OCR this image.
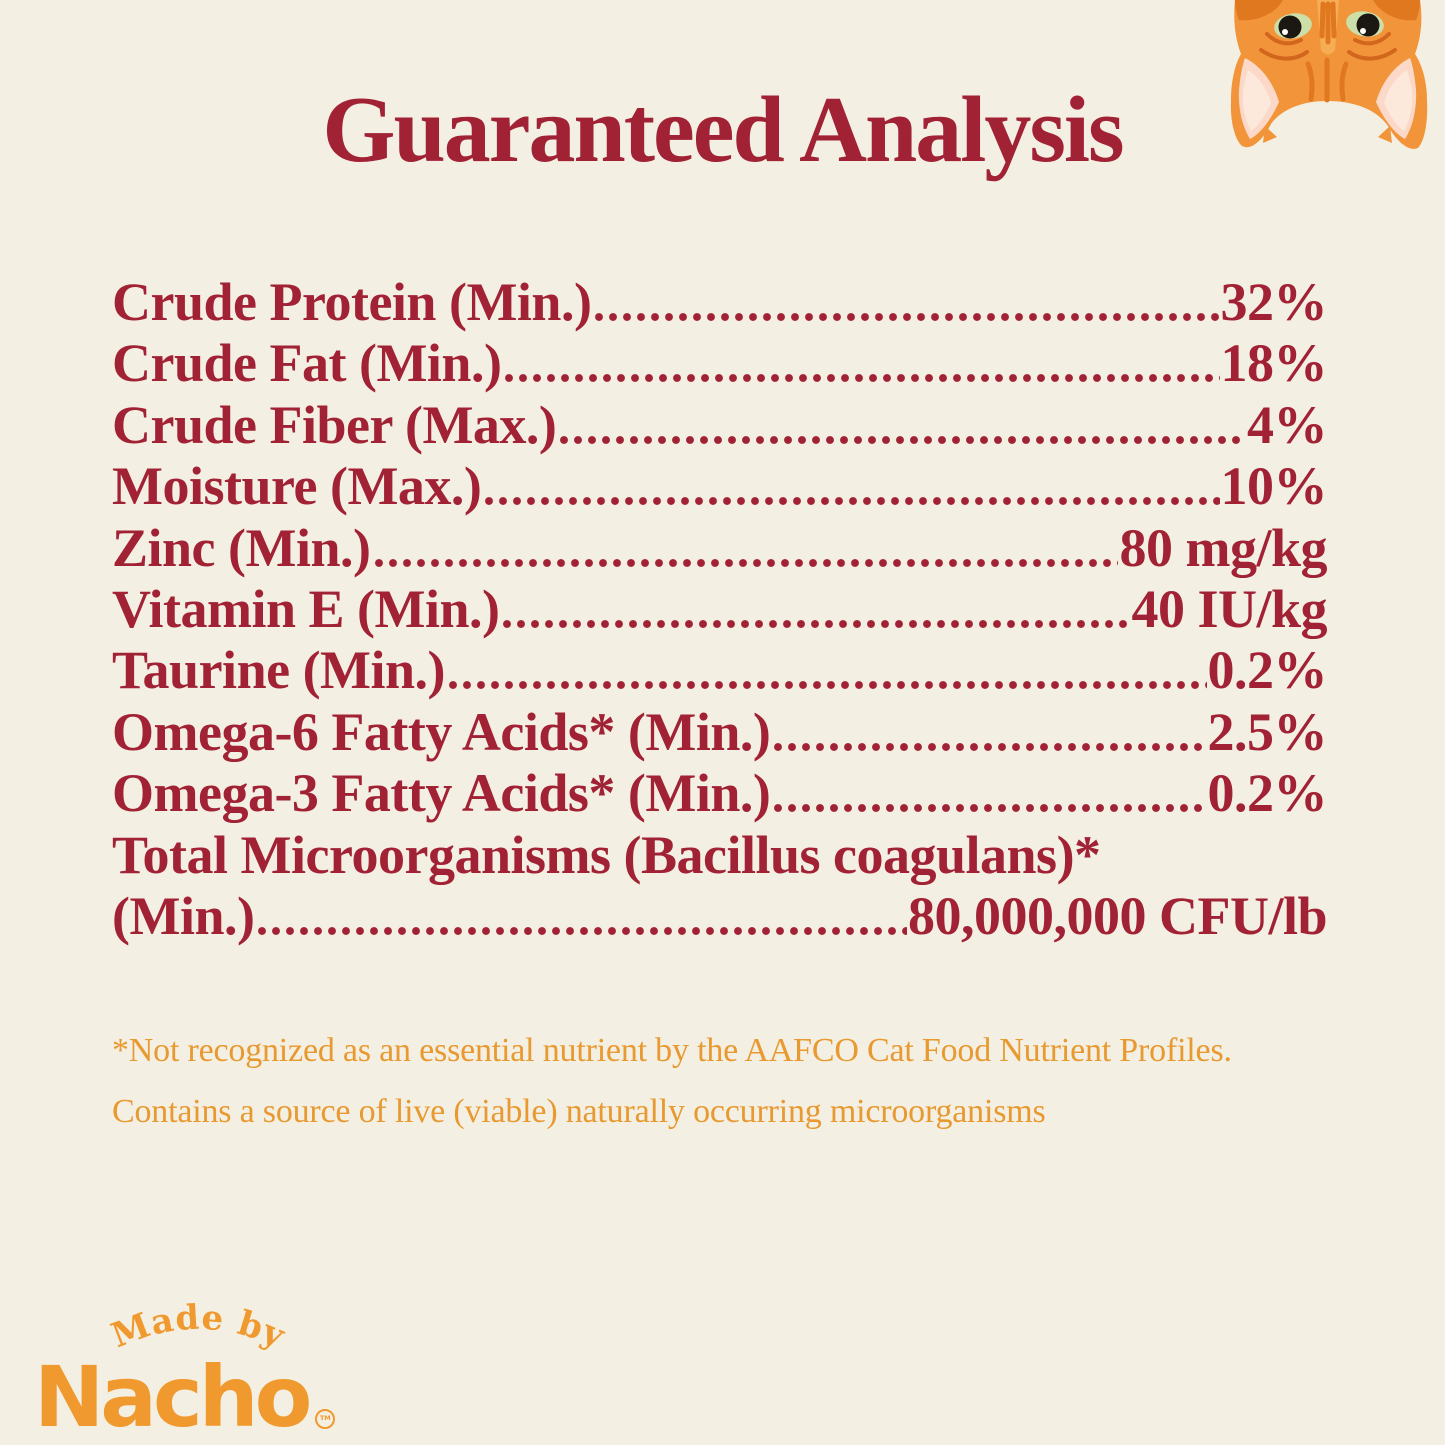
Guaranteed Analysis
Crude Protein (Min.)	32%
Crude Fat (Min.)	18%
Crude Fiber (Max.)	4%
Moisture (Max.)	10%
Zinc (Min.)	80 mg/kg
Vitamin E (Min.)	40 IU/kg
Taurine (Min.)	0.2%
Omega-6 Fatty Acids* (Min.)	2.5%
Omega-3 Fatty Acids* (Min.)	0.2%
Total Microorganisms (Bacillus coagulans)*
(Min.)	80,000,000 CFU/lb

*Not recognized as an essential nutrient by the AAFCO Cat Food Nutrient Profiles.

Contains a source of live (viable) naturally occurring microorganisms

Made by
Nacho	TM
